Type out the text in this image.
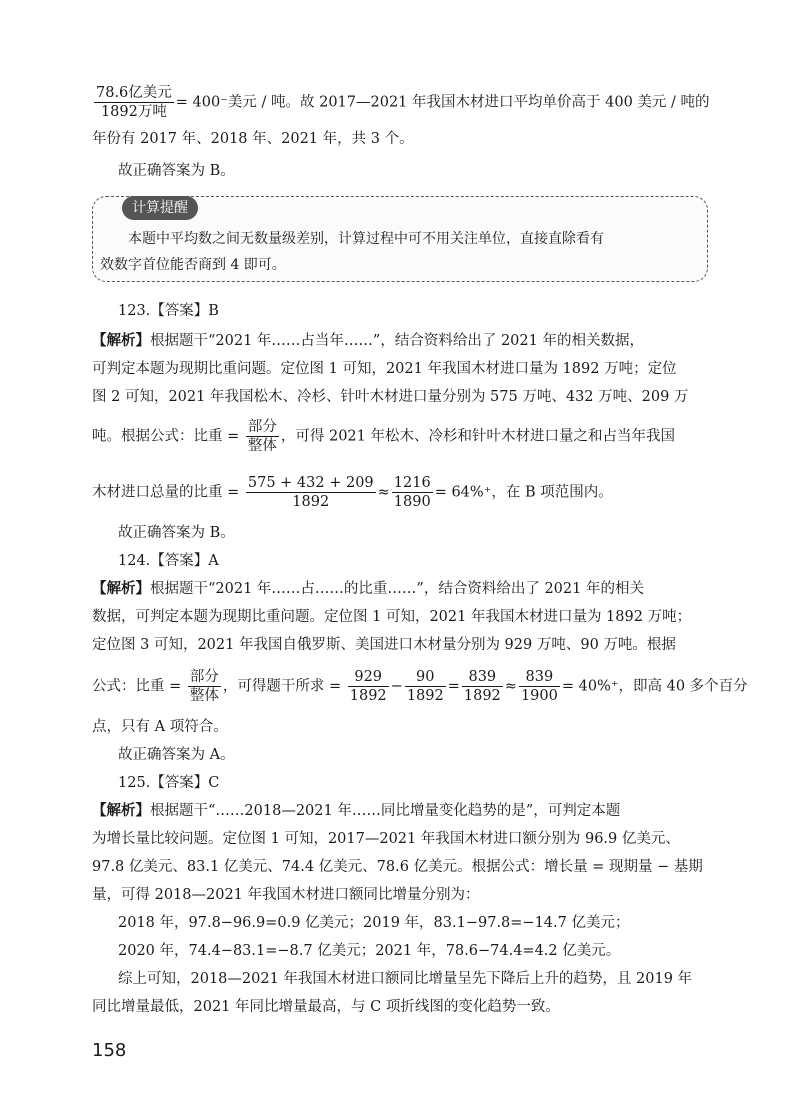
$\frac{\text{78.6亿美元}}{\text{1892万吨}} = 400^-$美元 / 吨。故 2017—2021 年我国木材进口平均单价高于 400 美元 / 吨的
年份有 2017 年、2018 年、2021 年，共 3 个。
故正确答案为 B。
计算提醒
本题中平均数之间无数量级差别，计算过程中可不用关注单位，直接直除看有
效数字首位能否商到 4 即可。
123.【答案】B
【解析】根据题干“2021 年……占当年……”，结合资料给出了 2021 年的相关数据，
可判定本题为现期比重问题。定位图 1 可知，2021 年我国木材进口量为 1892 万吨；定位
图 2 可知，2021 年我国松木、冷杉、针叶木材进口量分别为 575 万吨、432 万吨、209 万
吨。根据公式：比重 = $\frac{\text{部分}}{\text{整体}}$ ，可得 2021 年松木、冷杉和针叶木材进口量之和占当年我国
木材进口总量的比重 = $\frac{575 + 432 + 209}{1892} \approx \frac{1216}{1890} = 64\%^+$，在 B 项范围内。
故正确答案为 B。
124.【答案】A
【解析】根据题干“2021 年……占……的比重……”，结合资料给出了 2021 年的相关
数据，可判定本题为现期比重问题。定位图 1 可知，2021 年我国木材进口量为 1892 万吨；
定位图 3 可知，2021 年我国自俄罗斯、美国进口木材量分别为 929 万吨、90 万吨。根据
公式：比重 = $\frac{\text{部分}}{\text{整体}}$ ，可得题干所求 = $\frac{929}{1892} - \frac{90}{1892} = \frac{839}{1892} \approx \frac{839}{1900} = 40\%^+$，即高 40 多个百分
点，只有 A 项符合。
故正确答案为 A。
125.【答案】C
【解析】根据题干“……2018—2021 年……同比增量变化趋势的是”，可判定本题
为增长量比较问题。定位图 1 可知，2017—2021 年我国木材进口额分别为 96.9 亿美元、
97.8 亿美元、83.1 亿美元、74.4 亿美元、78.6 亿美元。根据公式：增长量 = 现期量 − 基期
量，可得 2018—2021 年我国木材进口额同比增量分别为：
2018 年，97.8−96.9=0.9 亿美元；2019 年，83.1−97.8=−14.7 亿美元；
2020 年，74.4−83.1=−8.7 亿美元；2021 年，78.6−74.4=4.2 亿美元。
综上可知，2018—2021 年我国木材进口额同比增量呈先下降后上升的趋势，且 2019 年
同比增量最低，2021 年同比增量最高，与 C 项折线图的变化趋势一致。
158
